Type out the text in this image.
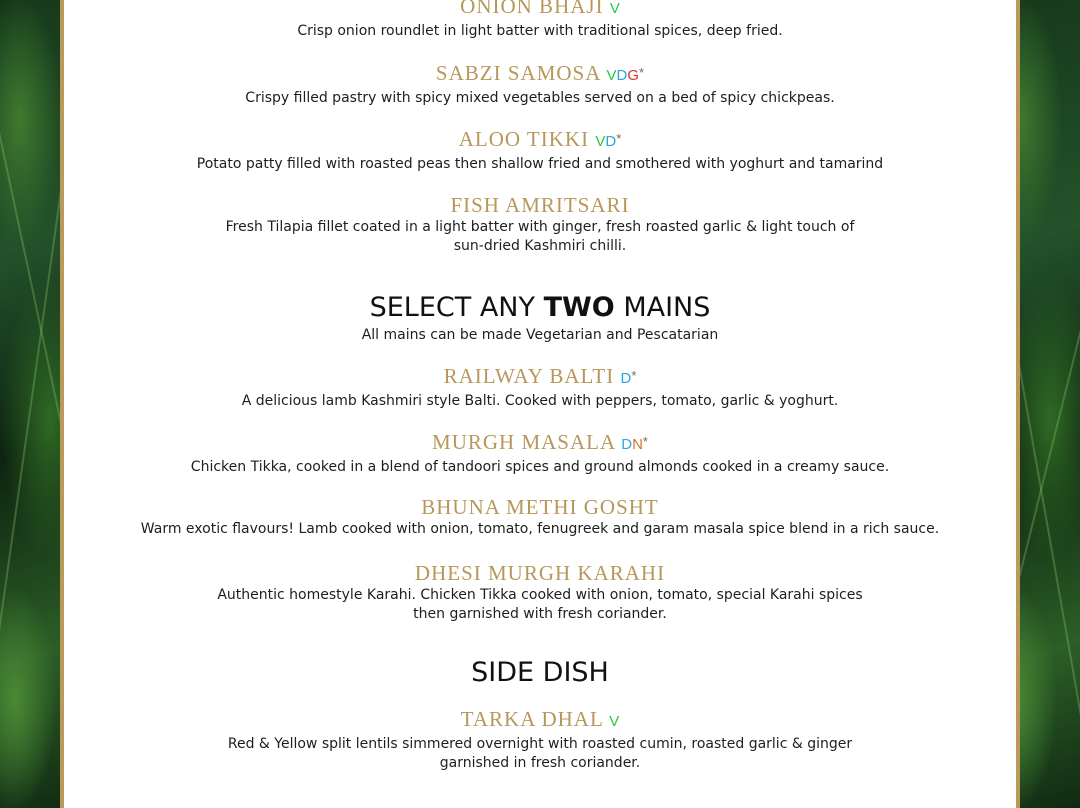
ONION BHAJI V
Crisp onion roundlet in light batter with traditional spices, deep fried.
SABZI SAMOSA VDG*
Crispy filled pastry with spicy mixed vegetables served on a bed of spicy chickpeas.
ALOO TIKKI VD*
Potato patty filled with roasted peas then shallow fried and smothered with yoghurt and tamarind
FISH AMRITSARI
Fresh Tilapia fillet coated in a light batter with ginger, fresh roasted garlic & light touch of
sun-dried Kashmiri chilli.
SELECT ANY TWO MAINS
All mains can be made Vegetarian and Pescatarian
RAILWAY BALTI D*
A delicious lamb Kashmiri style Balti. Cooked with peppers, tomato, garlic & yoghurt.
MURGH MASALA DN*
Chicken Tikka, cooked in a blend of tandoori spices and ground almonds cooked in a creamy sauce.
BHUNA METHI GOSHT
Warm exotic flavours! Lamb cooked with onion, tomato, fenugreek and garam masala spice blend in a rich sauce.
DHESI MURGH KARAHI
Authentic homestyle Karahi. Chicken Tikka cooked with onion, tomato, special Karahi spices
then garnished with fresh coriander.
SIDE DISH
TARKA DHAL V
Red & Yellow split lentils simmered overnight with roasted cumin, roasted garlic & ginger
garnished in fresh coriander.
